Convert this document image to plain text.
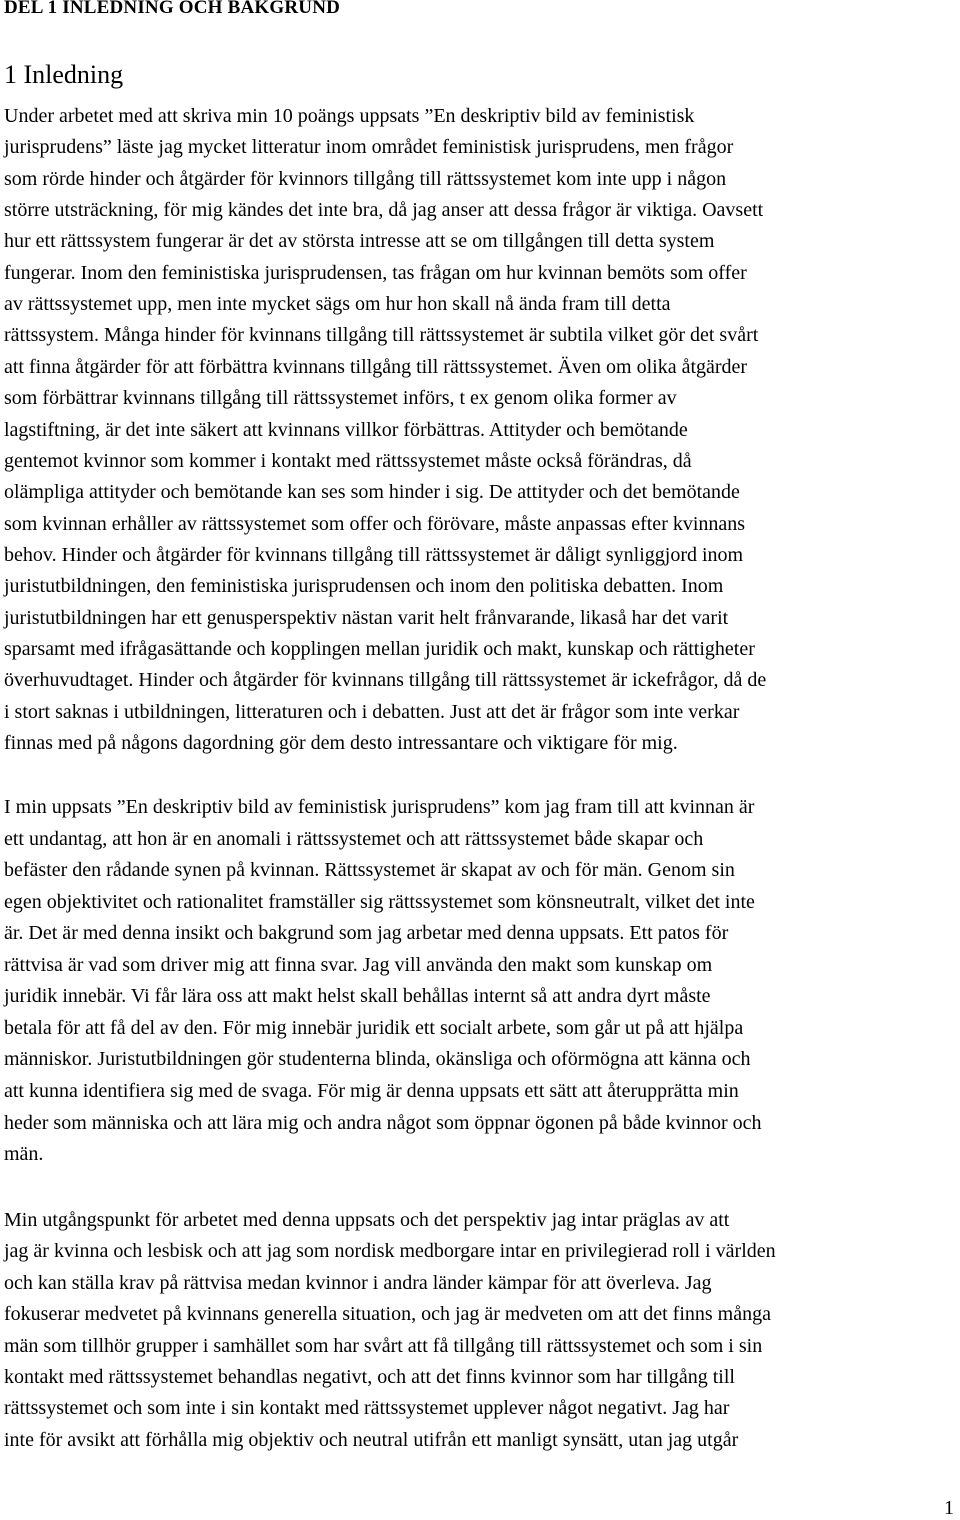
DEL 1 INLEDNING OCH BAKGRUND
1 Inledning
Under arbetet med att skriva min 10 poängs uppsats ”En deskriptiv bild av feministisk
jurisprudens” läste jag mycket litteratur inom området feministisk jurisprudens, men frågor
som rörde hinder och åtgärder för kvinnors tillgång till rättssystemet kom inte upp i någon
större utsträckning, för mig kändes det inte bra, då jag anser att dessa frågor är viktiga. Oavsett
hur ett rättssystem fungerar är det av största intresse att se om tillgången till detta system
fungerar. Inom den feministiska jurisprudensen, tas frågan om hur kvinnan bemöts som offer
av rättssystemet upp, men inte mycket sägs om hur hon skall nå ända fram till detta
rättssystem. Många hinder för kvinnans tillgång till rättssystemet är subtila vilket gör det svårt
att finna åtgärder för att förbättra kvinnans tillgång till rättssystemet. Även om olika åtgärder
som förbättrar kvinnans tillgång till rättssystemet införs, t ex genom olika former av
lagstiftning, är det inte säkert att kvinnans villkor förbättras. Attityder och bemötande
gentemot kvinnor som kommer i kontakt med rättssystemet måste också förändras, då
olämpliga attityder och bemötande kan ses som hinder i sig. De attityder och det bemötande
som kvinnan erhåller av rättssystemet som offer och förövare, måste anpassas efter kvinnans
behov. Hinder och åtgärder för kvinnans tillgång till rättssystemet är dåligt synliggjord inom
juristutbildningen, den feministiska jurisprudensen och inom den politiska debatten. Inom
juristutbildningen har ett genusperspektiv nästan varit helt frånvarande, likaså har det varit
sparsamt med ifrågasättande och kopplingen mellan juridik och makt, kunskap och rättigheter
överhuvudtaget. Hinder och åtgärder för kvinnans tillgång till rättssystemet är ickefrågor, då de
i stort saknas i utbildningen, litteraturen och i debatten. Just att det är frågor som inte verkar
finnas med på någons dagordning gör dem desto intressantare och viktigare för mig.
I min uppsats ”En deskriptiv bild av feministisk jurisprudens” kom jag fram till att kvinnan är
ett undantag, att hon är en anomali i rättssystemet och att rättssystemet både skapar och
befäster den rådande synen på kvinnan. Rättssystemet är skapat av och för män. Genom sin
egen objektivitet och rationalitet framställer sig rättssystemet som könsneutralt, vilket det inte
är. Det är med denna insikt och bakgrund som jag arbetar med denna uppsats. Ett patos för
rättvisa är vad som driver mig att finna svar. Jag vill använda den makt som kunskap om
juridik innebär. Vi får lära oss att makt helst skall behållas internt så att andra dyrt måste
betala för att få del av den. För mig innebär juridik ett socialt arbete, som går ut på att hjälpa
människor. Juristutbildningen gör studenterna blinda, okänsliga och oförmögna att känna och
att kunna identifiera sig med de svaga. För mig är denna uppsats ett sätt att återupprätta min
heder som människa och att lära mig och andra något som öppnar ögonen på både kvinnor och
män.
Min utgångspunkt för arbetet med denna uppsats och det perspektiv jag intar präglas av att
jag är kvinna och lesbisk och att jag som nordisk medborgare intar en privilegierad roll i världen
och kan ställa krav på rättvisa medan kvinnor i andra länder kämpar för att överleva. Jag
fokuserar medvetet på kvinnans generella situation, och jag är medveten om att det finns många
män som tillhör grupper i samhället som har svårt att få tillgång till rättssystemet och som i sin
kontakt med rättssystemet behandlas negativt, och att det finns kvinnor som har tillgång till
rättssystemet och som inte i sin kontakt med rättssystemet upplever något negativt. Jag har
inte för avsikt att förhålla mig objektiv och neutral utifrån ett manligt synsätt, utan jag utgår
1
